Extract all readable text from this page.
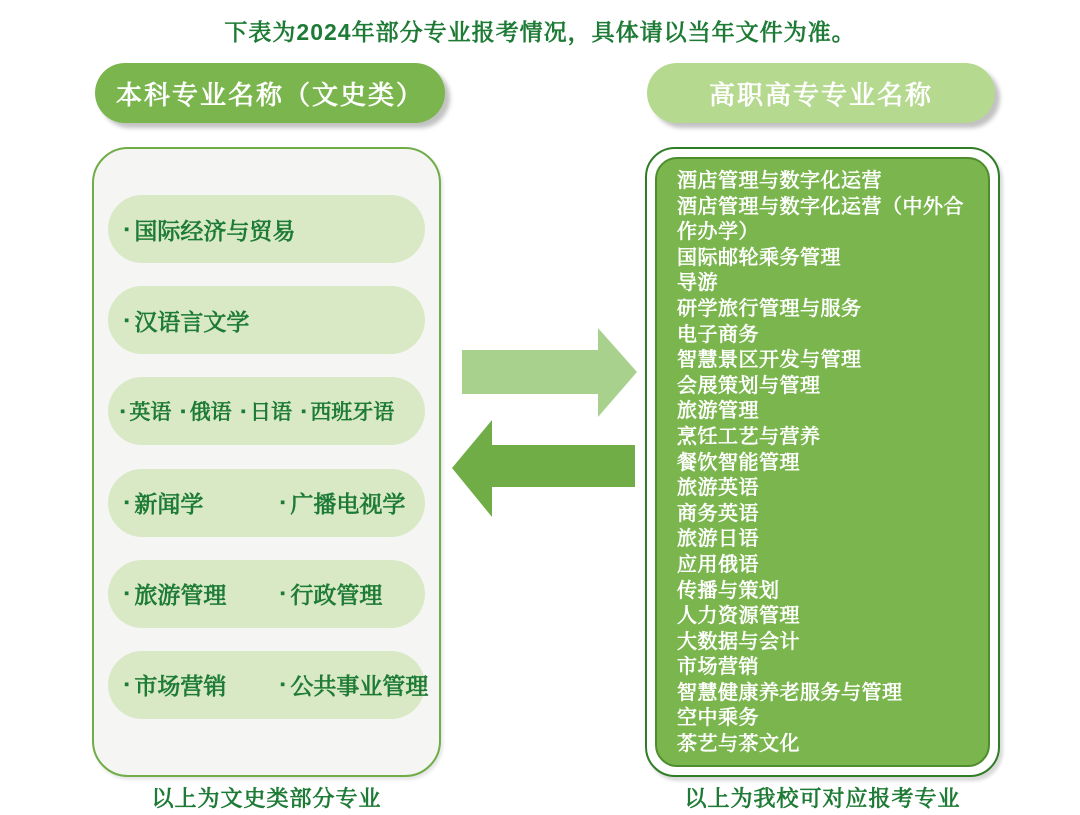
下表为2024年部分专业报考情况，具体请以当年文件为准。
本科专业名称（文史类）	高职高专专业名称
▪ 国际经济与贸易
▪ 汉语言文学
▪ 英语 ▪ 俄语 ▪ 日语 ▪ 西班牙语
▪ 新闻学	▪ 广播电视学
▪ 旅游管理	▪ 行政管理
▪ 市场营销	▪ 公共事业管理
酒店管理与数字化运营
酒店管理与数字化运营（中外合作办学）
国际邮轮乘务管理
导游
研学旅行管理与服务
电子商务
智慧景区开发与管理
会展策划与管理
旅游管理
烹饪工艺与营养
餐饮智能管理
旅游英语
商务英语
旅游日语
应用俄语
传播与策划
人力资源管理
大数据与会计
市场营销
智慧健康养老服务与管理
空中乘务
茶艺与茶文化
以上为文史类部分专业	以上为我校可对应报考专业
